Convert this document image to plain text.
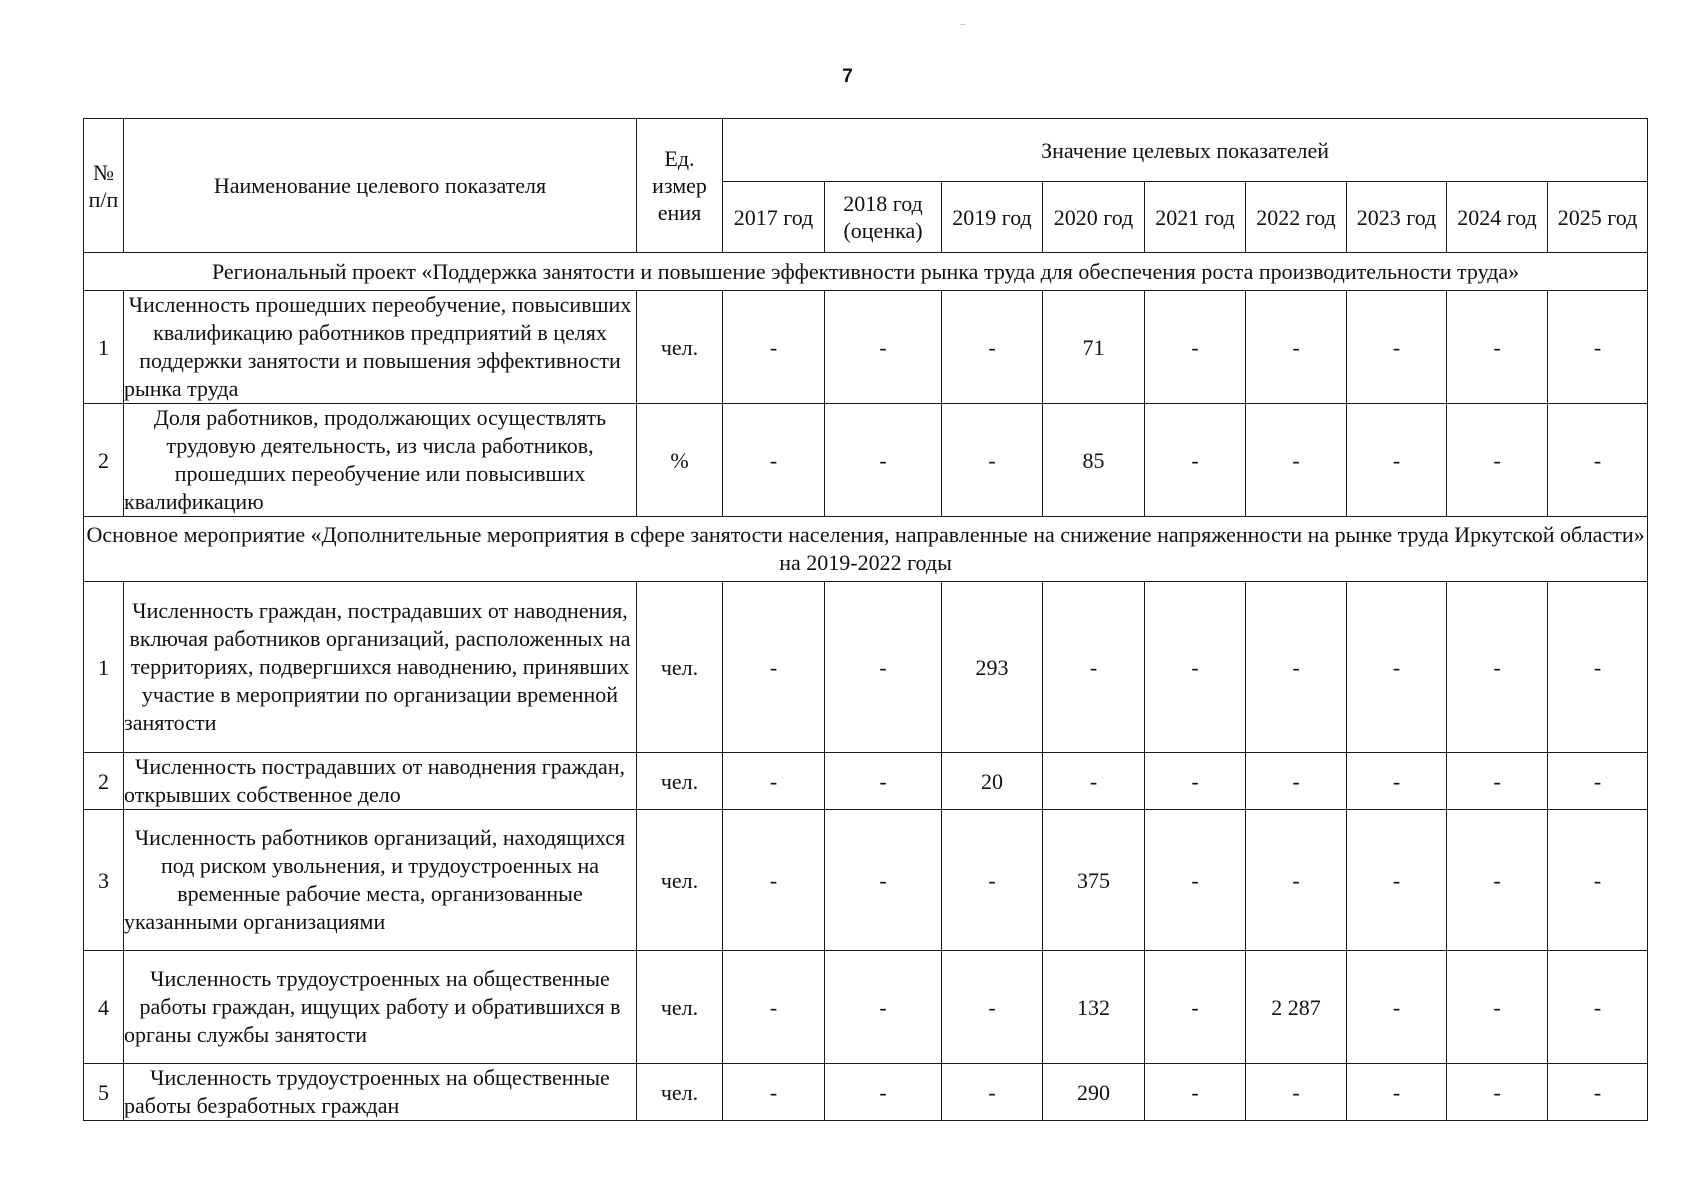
7
№ п/п	Наименование целевого показателя	Ед. измер ения	Значение целевых показателей								
			2017 год	2018 год (оценка)	2019 год	2020 год	2021 год	2022 год	2023 год	2024 год	2025 год
Региональный проект «Поддержка занятости и повышение эффективности рынка труда для обеспечения роста производительности труда»											
1	Численность прошедших переобучение, повысивших квалификацию работников предприятий в целях поддержки занятости и повышения эффективности рынка труда	чел.	-	-	-	71	-	-	-	-	-
2	Доля работников, продолжающих осуществлять трудовую деятельность, из числа работников, прошедших переобучение или повысивших квалификацию	%	-	-	-	85	-	-	-	-	-
Основное мероприятие «Дополнительные мероприятия в сфере занятости населения, направленные на снижение напряженности на рынке труда Иркутской области» на 2019-2022 годы											
1	Численность граждан, пострадавших от наводнения, включая работников организаций, расположенных на территориях, подвергшихся наводнению, принявших участие в мероприятии по организации временной занятости	чел.	-	-	293	-	-	-	-	-	-
2	Численность пострадавших от наводнения граждан, открывших собственное дело	чел.	-	-	20	-	-	-	-	-	-
3	Численность работников организаций, находящихся под риском увольнения, и трудоустроенных на временные рабочие места, организованные указанными организациями	чел.	-	-	-	375	-	-	-	-	-
4	Численность трудоустроенных на общественные работы граждан, ищущих работу и обратившихся в органы службы занятости	чел.	-	-	-	132	-	2 287	-	-	-
5	Численность трудоустроенных на общественные работы безработных граждан	чел.	-	-	-	290	-	-	-	-	-
